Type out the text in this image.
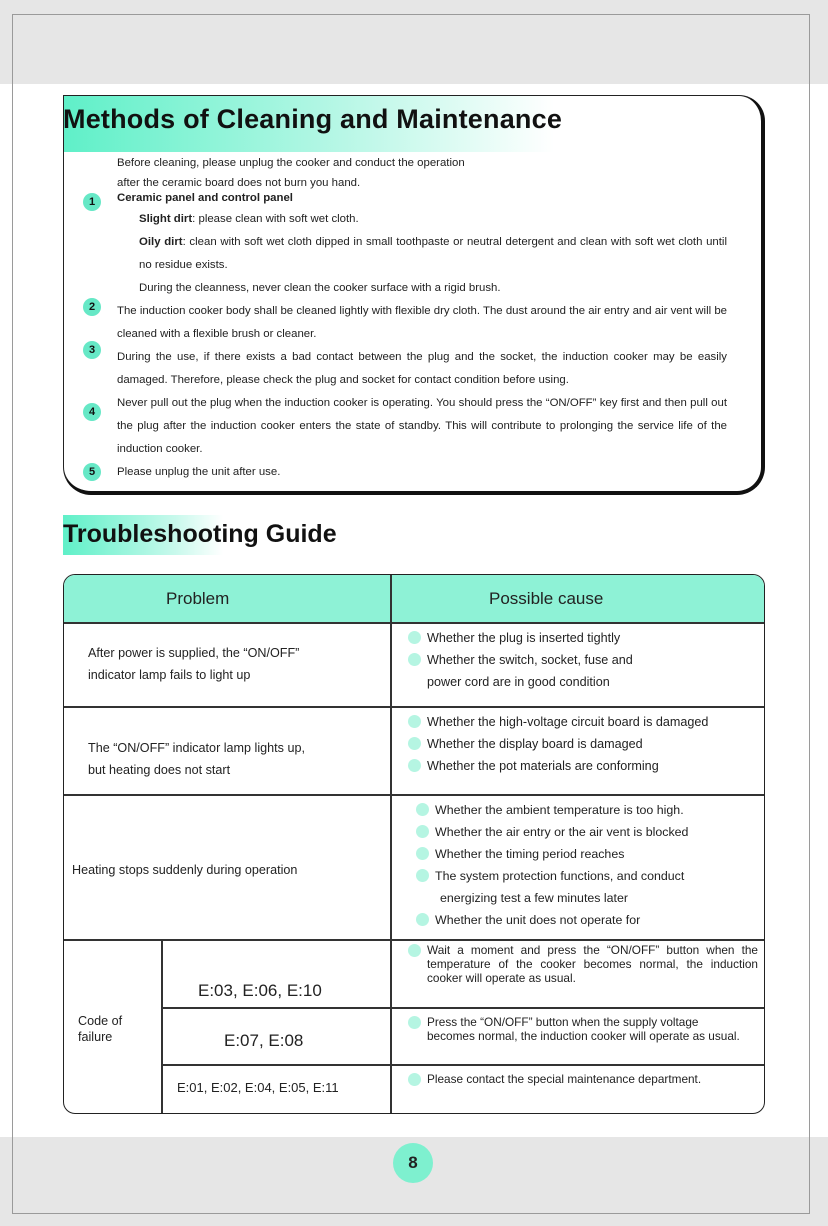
Methods of Cleaning and Maintenance

Before cleaning, please unplug the cooker and conduct the operation

after the ceramic board does not burn you hand.

Ceramic panel and control panel

Slight dirt: please clean with soft wet cloth.

Oily dirt: clean with soft wet cloth dipped in small toothpaste or neutral detergent and clean with soft wet cloth until no residue exists.

During the cleanness, never clean the cooker surface with a rigid brush.

The induction cooker body shall be cleaned lightly with flexible dry cloth. The dust around the air entry and air vent will be cleaned with a flexible brush or cleaner.

During the use, if there exists a bad contact between the plug and the socket, the induction cooker may be easily damaged. Therefore, please check the plug and socket for contact condition before using.

Never pull out the plug when the induction cooker is operating. You should press the “ON/OFF” key first and then pull out the plug after the induction cooker enters the state of standby. This will contribute to prolonging the service life of the induction cooker.

Please unplug the unit after use.

1
2
3
4
5
Troubleshooting Guide
Problem	Possible cause
After power is supplied, the “ON/OFF”
indicator lamp fails to light up
Whether the plug is inserted tightly
Whether the switch, socket, fuse and
power cord are in good condition
The “ON/OFF” indicator lamp lights up,
but heating does not start
Whether the high-voltage circuit board is damaged
Whether the display board is damaged
Whether the pot materials are conforming
Heating stops suddenly during operation
Whether the ambient temperature is too high.
Whether the air entry or the air vent is blocked
Whether the timing period reaches
The system protection functions, and conduct
energizing test a few minutes later
Whether the unit does not operate for
Code of
failure
E:03, E:06, E:10
E:07, E:08
E:01, E:02, E:04, E:05, E:11
Wait a moment and press the “ON/OFF” button when the temperature of the cooker becomes normal, the induction cooker will operate as usual.
Press the “ON/OFF” button when the supply voltage becomes normal, the induction cooker will operate as usual.
Please contact the special maintenance department.
8
